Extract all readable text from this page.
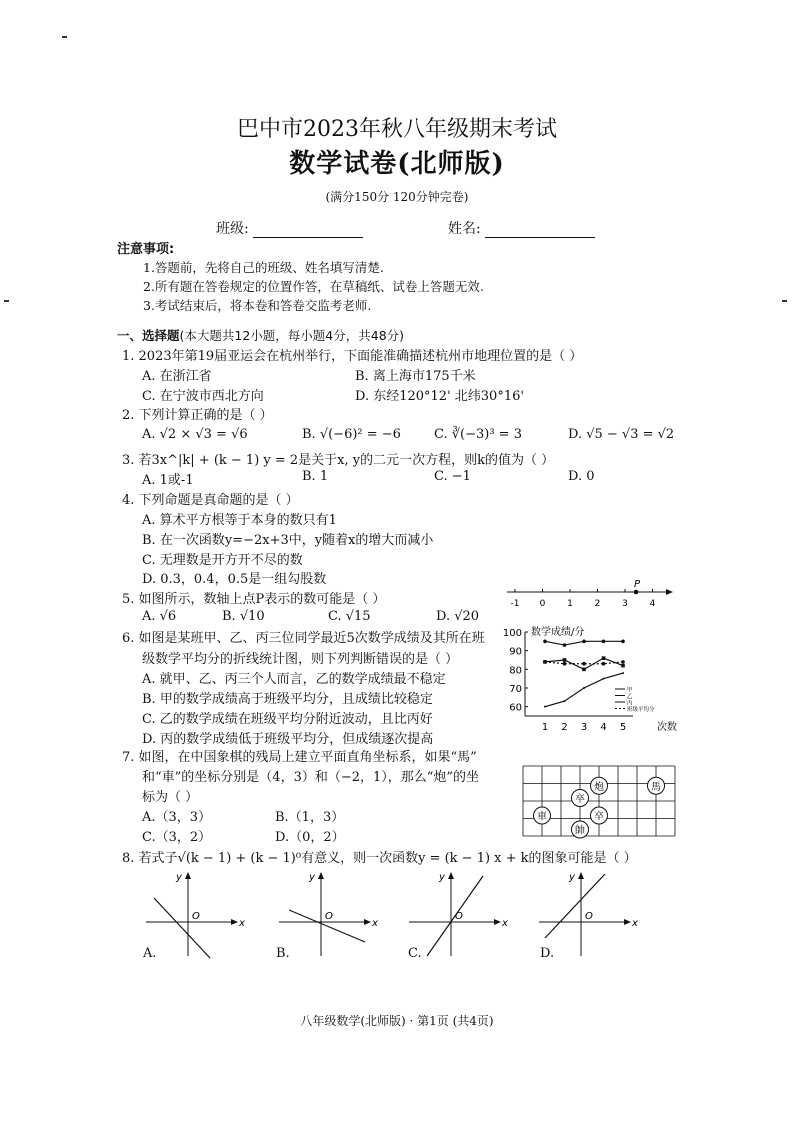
巴中市2023年秋八年级期末考试
数学试卷(北师版)
(满分150分 120分钟完卷)
班级:	姓名:
注意事项:
1.答题前，先将自己的班级、姓名填写清楚.
2.所有题在答卷规定的位置作答，在草稿纸、试卷上答题无效.
3.考试结束后，将本卷和答卷交监考老师.
一、选择题(本大题共12小题，每小题4分，共48分)
1. 2023年第19届亚运会在杭州举行，下面能准确描述杭州市地理位置的是（ ）
A. 在浙江省	B. 离上海市175千米
C. 在宁波市西北方向	D. 东经120°12' 北纬30°16'
2. 下列计算正确的是（ ）
A. √2 × √3 = √6	B. √(−6)² = −6	C. ∛(−3)³ = 3	D. √5 − √3 = √2
3. 若3x^|k| + (k − 1) y = 2是关于x, y的二元一次方程，则k的值为（ ）
A. 1或-1	B. 1	C. −1	D. 0
4. 下列命题是真命题的是（ ）
A. 算术平方根等于本身的数只有1
B. 在一次函数y=−2x+3中，y随着x的增大而减小
C. 无理数是开方开不尽的数
D. 0.3，0.4，0.5是一组勾股数
5. 如图所示，数轴上点P表示的数可能是（ ）
A. √6	B. √10	C. √15	D. √20
-1 0 1 2 3 4
P
6. 如图是某班甲、乙、丙三位同学最近5次数学成绩及其所在班
级数学平均分的折线统计图，则下列判断错误的是（ ）
A. 就甲、乙、丙三个人而言，乙的数学成绩最不稳定
B. 甲的数学成绩高于班级平均分，且成绩比较稳定
C. 乙的数学成绩在班级平均分附近波动，且比丙好
D. 丙的数学成绩低于班级平均分，但成绩逐次提高
数学成绩/分
60
70
80
90
100
1 2 3 4 5	次数
甲
乙
丙
班级平均分
7. 如图，在中国象棋的残局上建立平面直角坐标系，如果“馬”
和“車”的坐标分别是（4，3）和（−2，1），那么“炮”的坐
标为（ ）
A.（3，3）	B.（1，3）
C.（3，2）	D.（0，2）
炮	馬
卒
車	卒
帥
8. 若式子√(k − 1) + (k − 1)⁰有意义，则一次函数y = (k − 1) x + k的图象可能是（ ）
x
y
O
x
y
O
x
y
O
x
y
O
A.	B.	C.	D.
八年级数学(北师版) · 第1页 (共4页)
